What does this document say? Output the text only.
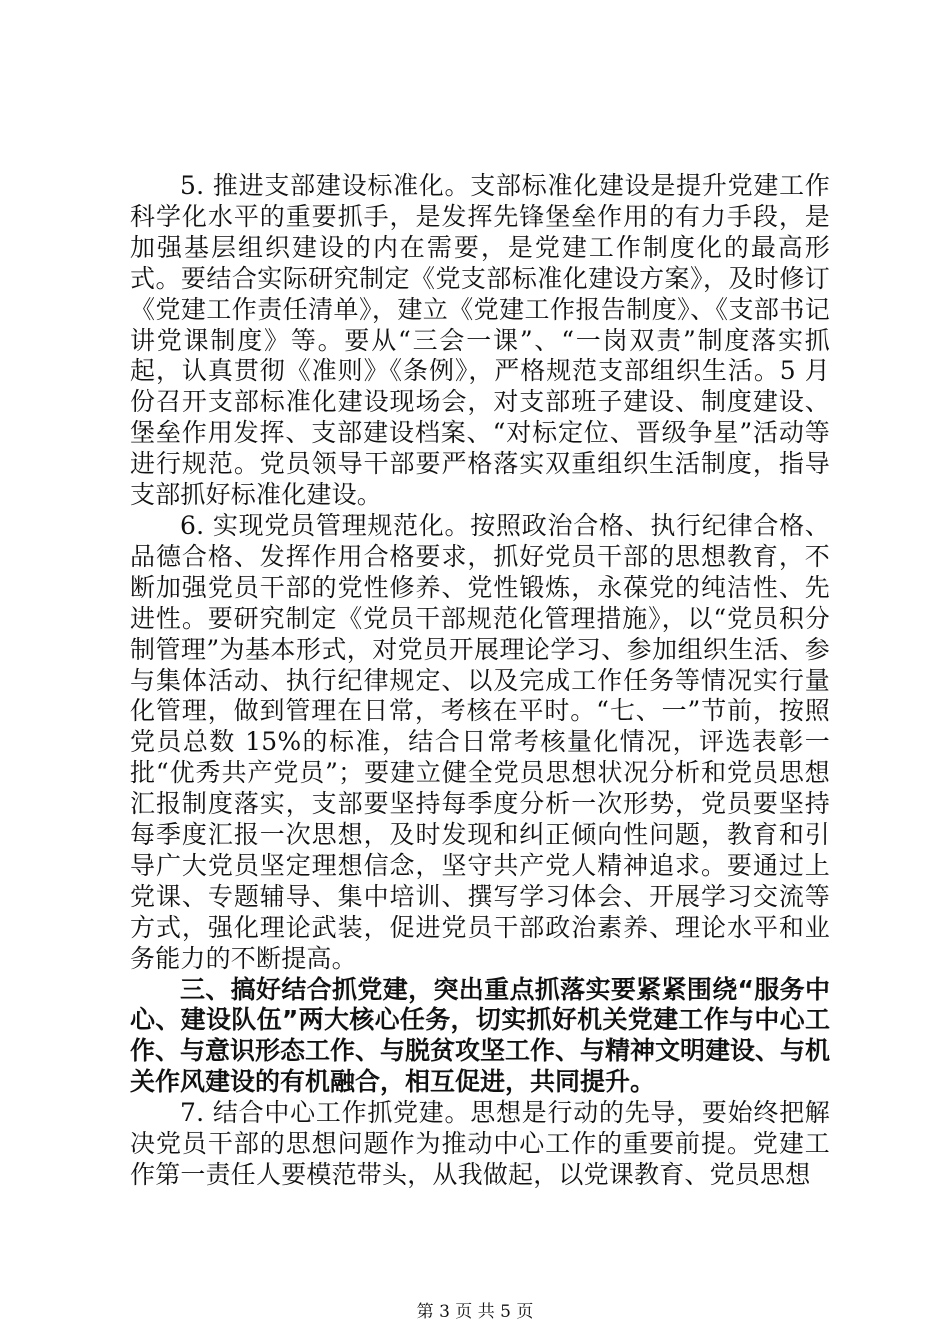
5. 推进支部建设标准化。支部标准化建设是提升党建工作科学化水平的重要抓手，是发挥先锋堡垒作用的有力手段，是加强基层组织建设的内在需要，是党建工作制度化的最高形式。要结合实际研究制定《党支部标准化建设方案》，及时修订《党建工作责任清单》，建立《党建工作报告制度》、《支部书记讲党课制度》等。要从“三会一课”、“一岗双责”制度落实抓起，认真贯彻《准则》《条例》，严格规范支部组织生活。5 月份召开支部标准化建设现场会，对支部班子建设、制度建设、堡垒作用发挥、支部建设档案、“对标定位、晋级争星”活动等进行规范。党员领导干部要严格落实双重组织生活制度，指导支部抓好标准化建设。

6. 实现党员管理规范化。按照政治合格、执行纪律合格、品德合格、发挥作用合格要求，抓好党员干部的思想教育，不断加强党员干部的党性修养、党性锻炼，永葆党的纯洁性、先进性。要研究制定《党员干部规范化管理措施》，以“党员积分制管理”为基本形式，对党员开展理论学习、参加组织生活、参与集体活动、执行纪律规定、以及完成工作任务等情况实行量化管理，做到管理在日常，考核在平时。“七、一”节前，按照党员总数 15%的标准，结合日常考核量化情况，评选表彰一批“优秀共产党员”；要建立健全党员思想状况分析和党员思想汇报制度落实，支部要坚持每季度分析一次形势，党员要坚持每季度汇报一次思想，及时发现和纠正倾向性问题，教育和引导广大党员坚定理想信念，坚守共产党人精神追求。要通过上党课、专题辅导、集中培训、撰写学习体会、开展学习交流等方式，强化理论武装，促进党员干部政治素养、理论水平和业务能力的不断提高。

三、搞好结合抓党建，突出重点抓落实要紧紧围绕“服务中心、建设队伍”两大核心任务，切实抓好机关党建工作与中心工作、与意识形态工作、与脱贫攻坚工作、与精神文明建设、与机关作风建设的有机融合，相互促进，共同提升。

7. 结合中心工作抓党建。思想是行动的先导，要始终把解决党员干部的思想问题作为推动中心工作的重要前提。党建工作第一责任人要模范带头，从我做起，以党课教育、党员思想

第 3 页 共 5 页
